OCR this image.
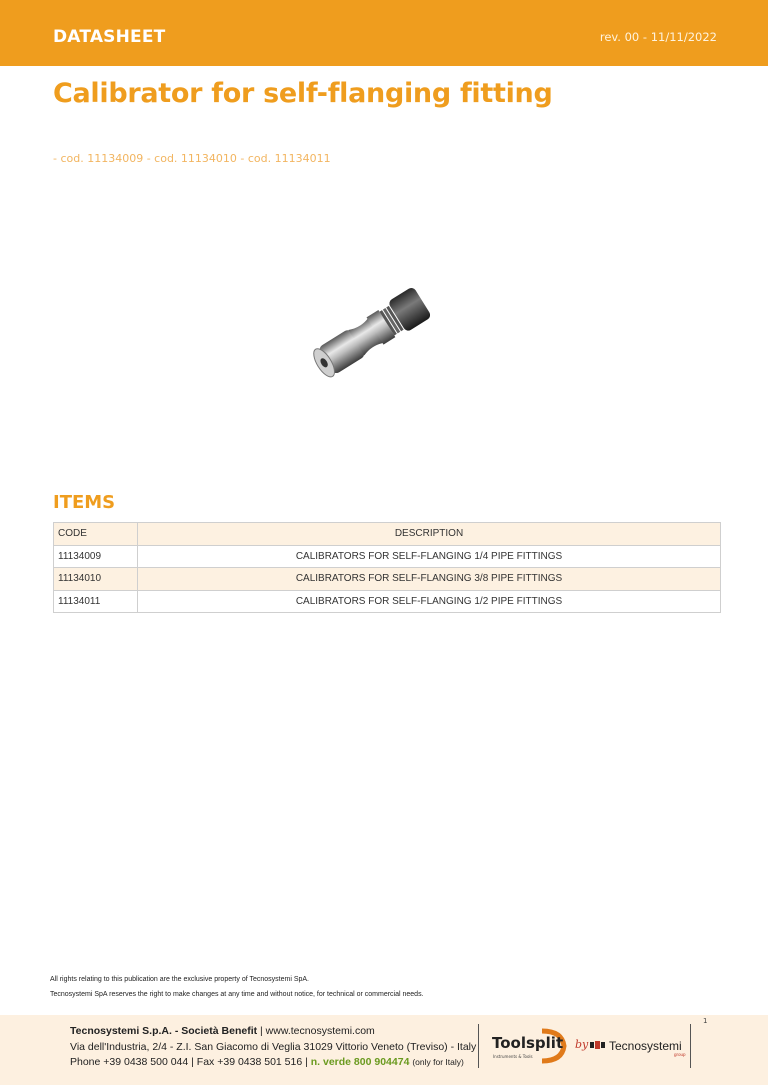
DATASHEET	rev. 00 - 11/11/2022
Calibrator for self-flanging fitting
- cod. 11134009 - cod. 11134010 - cod. 11134011
ITEMS
CODE	DESCRIPTION
11134009	CALIBRATORS FOR SELF-FLANGING 1/4 PIPE FITTINGS
11134010	CALIBRATORS FOR SELF-FLANGING 3/8 PIPE FITTINGS
11134011	CALIBRATORS FOR SELF-FLANGING 1/2 PIPE FITTINGS
All rights relating to this publication are the exclusive property of Tecnosystemi SpA.
Tecnosystemi SpA reserves the right to make changes at any time and without notice, for technical or commercial needs.
1
Tecnosystemi S.p.A. - Società Benefit | www.tecnosystemi.com
Via dell'Industria, 2/4 - Z.I. San Giacomo di Veglia 31029 Vittorio Veneto (Treviso) - Italy
Phone +39 0438 500 044 | Fax +39 0438 501 516 | n. verde 800 904474 (only for Italy)
Toolsplit
Instruments & Tools
by Tecnosystemi
group
